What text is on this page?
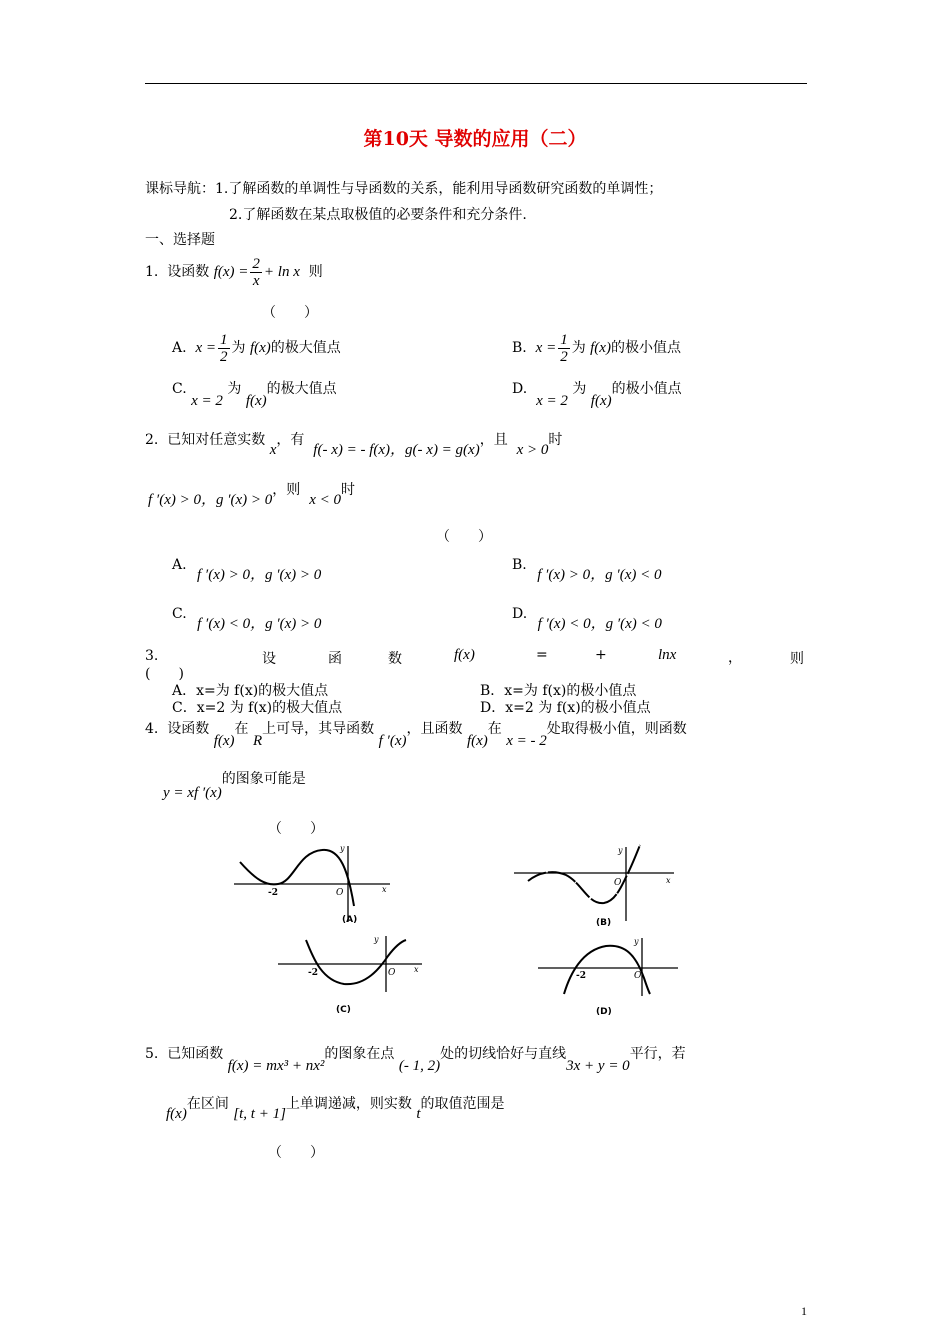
第10天 导数的应用（二）
课标导航：1.了解函数的单调性与导函数的关系，能利用导函数研究函数的单调性；
2.了解函数在某点取极值的必要条件和充分条件.
一、选择题
1. 设函数 $f(x) = \frac{2}{x} + \ln x$ 则
（　　）
A. $x = \frac{1}{2}$ 为 f(x)的极大值点	B. $x = \frac{1}{2}$ 为 f(x)的极小值点
C. x = 2 为 f(x)的极大值点	D.  x = 2 为 f(x)的极小值点
2. 已知对任意实数 x，有  f(- x) = - f(x)，g(- x) = g(x)，且  x > 0时
f ′(x) > 0，g ′(x) > 0，则  x < 0时
（　　）
A. f ′(x) > 0，g ′(x) > 0
B. f ′(x) > 0，g ′(x) < 0
C. f ′(x) < 0，g ′(x) > 0
D. f ′(x) < 0，g ′(x) < 0
3.	设	函	数	f(x)	=	+	lnx	，	则
(　　)
A．x=为 f(x)的极大值点	B．x=为 f(x)的极小值点
C．x=2 为 f(x)的极大值点	D．x=2 为 f(x)的极小值点
4. 设函数 f(x)在 R上可导，其导函数 f ′(x)，且函数 f(x)在 x = - 2处取得极小值，则函数
y = xf ′(x)的图象可能是
（　　）
-2	O	x
y
(A)
O	x
y
(B)
-2	O x
y
(C)
-2	O
y
(D)
5. 已知函数 f(x) = mx³ + nx²的图象在点 (- 1, 2)处的切线恰好与直线3x + y = 0平行，若
f(x)在区间 [t, t + 1]上单调递减，则实数 t的取值范围是
（　　）
1
